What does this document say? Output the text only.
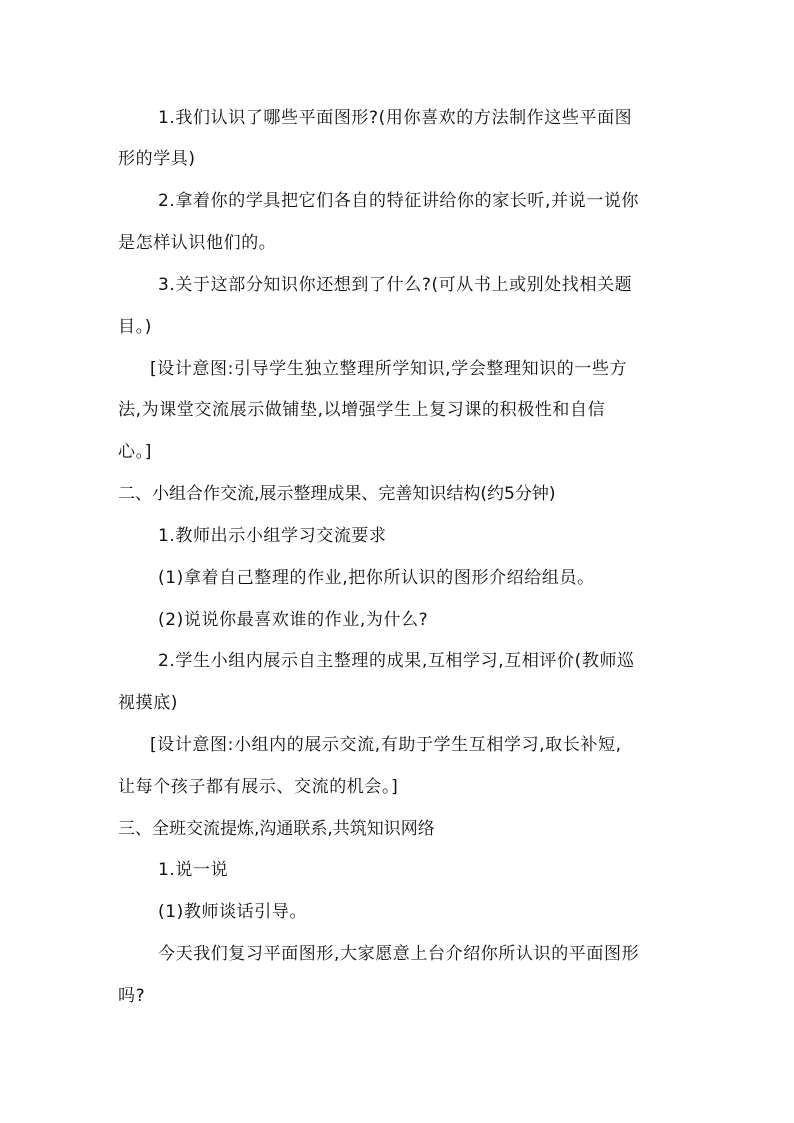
1.我们认识了哪些平面图形?(用你喜欢的方法制作这些平面图

形的学具)

2.拿着你的学具把它们各自的特征讲给你的家长听,并说一说你

是怎样认识他们的。

3.关于这部分知识你还想到了什么?(可从书上或别处找相关题

目。)

[设计意图:引导学生独立整理所学知识,学会整理知识的一些方

法,为课堂交流展示做铺垫,以增强学生上复习课的积极性和自信

心。]

二、小组合作交流,展示整理成果、完善知识结构(约5分钟)

1.教师出示小组学习交流要求

(1)拿着自己整理的作业,把你所认识的图形介绍给组员。

(2)说说你最喜欢谁的作业,为什么?

2.学生小组内展示自主整理的成果,互相学习,互相评价(教师巡

视摸底)

[设计意图:小组内的展示交流,有助于学生互相学习,取长补短,

让每个孩子都有展示、交流的机会。]

三、全班交流提炼,沟通联系,共筑知识网络

1.说一说

(1)教师谈话引导。

今天我们复习平面图形,大家愿意上台介绍你所认识的平面图形

吗?
